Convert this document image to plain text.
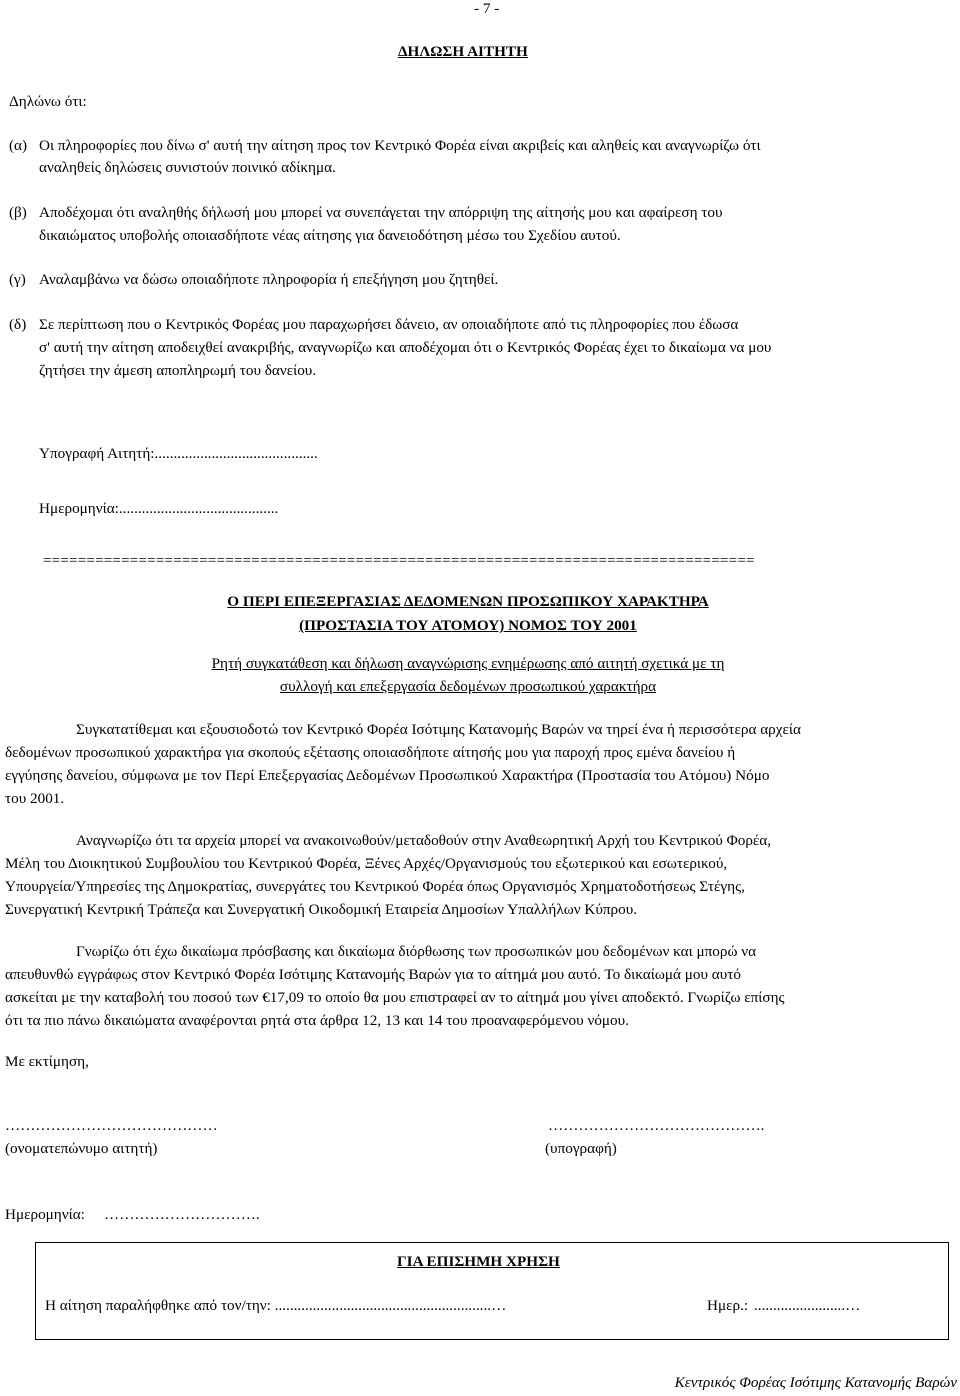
- 7 -
ΔΗΛΩΣΗ ΑΙΤΗΤΗ
Δηλώνω ότι:
(α) Οι πληροφορίες που δίνω σ' αυτή την αίτηση προς τον Κεντρικό Φορέα είναι ακριβείς και αληθείς και αναγνωρίζω ότι
αναληθείς δηλώσεις συνιστούν ποινικό αδίκημα.
(β) Αποδέχομαι ότι αναληθής δήλωσή μου μπορεί να συνεπάγεται την απόρριψη της αίτησής μου και αφαίρεση του
δικαιώματος υποβολής οποιασδήποτε νέας αίτησης για δανειοδότηση μέσω του Σχεδίου αυτού.
(γ) Αναλαμβάνω να δώσω οποιαδήποτε πληροφορία ή επεξήγηση μου ζητηθεί.
(δ) Σε περίπτωση που ο Κεντρικός Φορέας μου παραχωρήσει δάνειο, αν οποιαδήποτε από τις πληροφορίες που έδωσα
σ' αυτή την αίτηση αποδειχθεί ανακριβής, αναγνωρίζω και αποδέχομαι ότι ο Κεντρικός Φορέας έχει το δικαίωμα να μου
ζητήσει την άμεση αποπληρωμή του δανείου.
Υπογραφή Αιτητή:...........................................
Ημερομηνία:..........................................
==================================================================================
Ο ΠΕΡΙ ΕΠΕΞΕΡΓΑΣΙΑΣ ΔΕΔΟΜΕΝΩΝ ΠΡΟΣΩΠΙΚΟΥ ΧΑΡΑΚΤΗΡΑ
(ΠΡΟΣΤΑΣΙΑ ΤΟΥ ΑΤΟΜΟΥ) ΝΟΜΟΣ ΤΟΥ 2001
Ρητή συγκατάθεση και δήλωση αναγνώρισης ενημέρωσης από αιτητή σχετικά με τη
συλλογή και επεξεργασία δεδομένων προσωπικού χαρακτήρα
Συγκατατίθεμαι και εξουσιοδοτώ τον Κεντρικό Φορέα Ισότιμης Κατανομής Βαρών να τηρεί ένα ή περισσότερα αρχεία
δεδομένων προσωπικού χαρακτήρα για σκοπούς εξέτασης οποιασδήποτε αίτησής μου για παροχή προς εμένα δανείου ή
εγγύησης δανείου, σύμφωνα με τον Περί Επεξεργασίας Δεδομένων Προσωπικού Χαρακτήρα (Προστασία του Ατόμου) Νόμο
του 2001.
Αναγνωρίζω ότι τα αρχεία μπορεί να ανακοινωθούν/μεταδοθούν στην Αναθεωρητική Αρχή του Κεντρικού Φορέα,
Μέλη του Διοικητικού Συμβουλίου του Κεντρικού Φορέα, Ξένες Αρχές/Οργανισμούς του εξωτερικού και εσωτερικού,
Υπουργεία/Υπηρεσίες της Δημοκρατίας, συνεργάτες του Κεντρικού Φορέα όπως Οργανισμός Χρηματοδοτήσεως Στέγης,
Συνεργατική Κεντρική Τράπεζα και Συνεργατική Οικοδομική Εταιρεία Δημοσίων Υπαλλήλων Κύπρου.
Γνωρίζω ότι έχω δικαίωμα πρόσβασης και δικαίωμα διόρθωσης των προσωπικών μου δεδομένων και μπορώ να
απευθυνθώ εγγράφως στον Κεντρικό Φορέα Ισότιμης Κατανομής Βαρών για το αίτημά μου αυτό. Το δικαίωμά μου αυτό
ασκείται με την καταβολή του ποσού των €17,09 το οποίο θα μου επιστραφεί αν το αίτημά μου γίνει αποδεκτό. Γνωρίζω επίσης
ότι τα πιο πάνω δικαιώματα αναφέρονται ρητά στα άρθρα 12, 13 και 14 του προαναφερόμενου νόμου.
Με εκτίμηση,
……………………………………
(ονοματεπώνυμο αιτητή)
…………………………………….
(υπογραφή)
Ημερομηνία: ………………………….
ΓΙΑ ΕΠΙΣΗΜΗ ΧΡΗΣΗ
Η αίτηση παραλήφθηκε από τον/την: .........................................................…	Ημερ.: ........................…
Κεντρικός Φορέας Ισότιμης Κατανομής Βαρών
